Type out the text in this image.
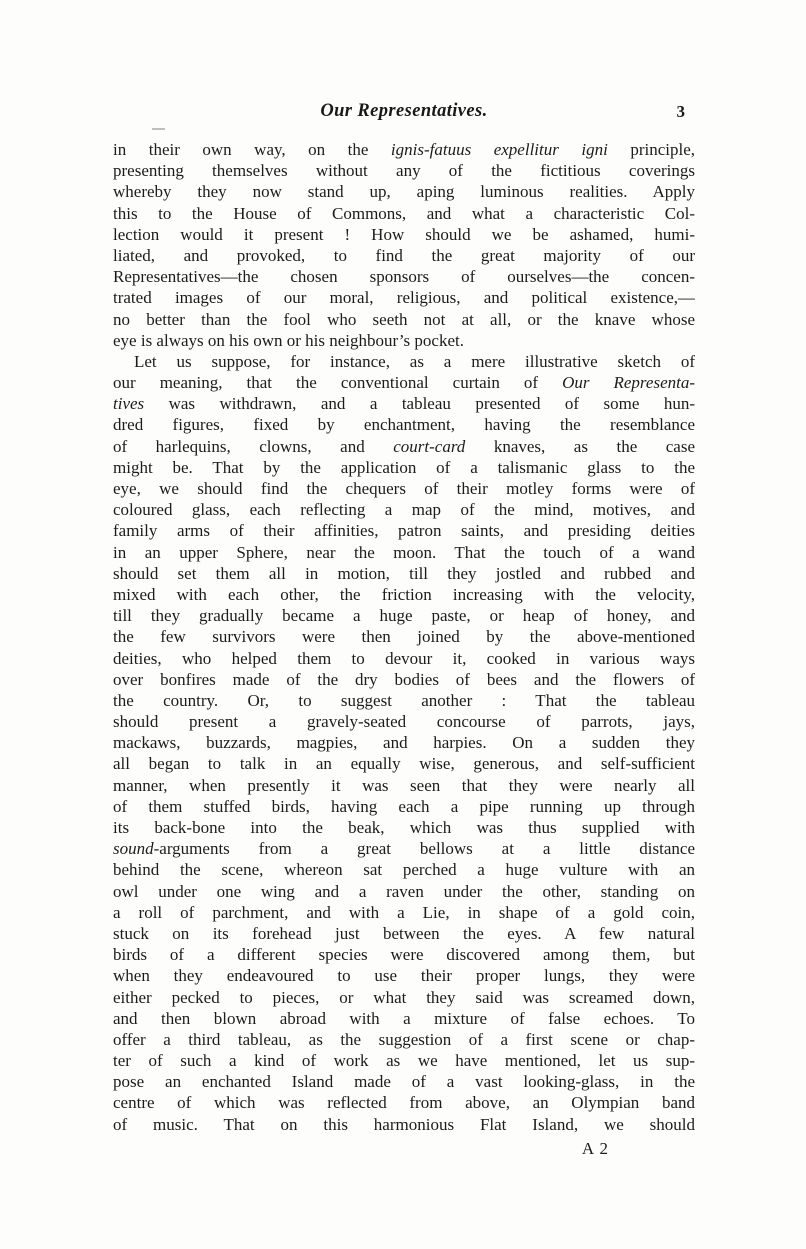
Our Representatives.	3
in their own way, on the ignis-fatuus expellitur igni principle,
presenting themselves without any of the fictitious coverings
whereby they now stand up, aping luminous realities. Apply
this to the House of Commons, and what a characteristic Col-
lection would it present ! How should we be ashamed, humi-
liated, and provoked, to find the great majority of our
Representatives—the chosen sponsors of ourselves—the concen-
trated images of our moral, religious, and political existence,—
no better than the fool who seeth not at all, or the knave whose
eye is always on his own or his neighbour’s pocket.
Let us suppose, for instance, as a mere illustrative sketch of
our meaning, that the conventional curtain of Our Representa-
tives was withdrawn, and a tableau presented of some hun-
dred figures, fixed by enchantment, having the resemblance
of harlequins, clowns, and court-card knaves, as the case
might be. That by the application of a talismanic glass to the
eye, we should find the chequers of their motley forms were of
coloured glass, each reflecting a map of the mind, motives, and
family arms of their affinities, patron saints, and presiding deities
in an upper Sphere, near the moon. That the touch of a wand
should set them all in motion, till they jostled and rubbed and
mixed with each other, the friction increasing with the velocity,
till they gradually became a huge paste, or heap of honey, and
the few survivors were then joined by the above-mentioned
deities, who helped them to devour it, cooked in various ways
over bonfires made of the dry bodies of bees and the flowers of
the country. Or, to suggest another : That the tableau
should present a gravely-seated concourse of parrots, jays,
mackaws, buzzards, magpies, and harpies. On a sudden they
all began to talk in an equally wise, generous, and self-sufficient
manner, when presently it was seen that they were nearly all
of them stuffed birds, having each a pipe running up through
its back-bone into the beak, which was thus supplied with
sound-arguments from a great bellows at a little distance
behind the scene, whereon sat perched a huge vulture with an
owl under one wing and a raven under the other, standing on
a roll of parchment, and with a Lie, in shape of a gold coin,
stuck on its forehead just between the eyes. A few natural
birds of a different species were discovered among them, but
when they endeavoured to use their proper lungs, they were
either pecked to pieces, or what they said was screamed down,
and then blown abroad with a mixture of false echoes. To
offer a third tableau, as the suggestion of a first scene or chap-
ter of such a kind of work as we have mentioned, let us sup-
pose an enchanted Island made of a vast looking-glass, in the
centre of which was reflected from above, an Olympian band
of music. That on this harmonious Flat Island, we should
A 2
